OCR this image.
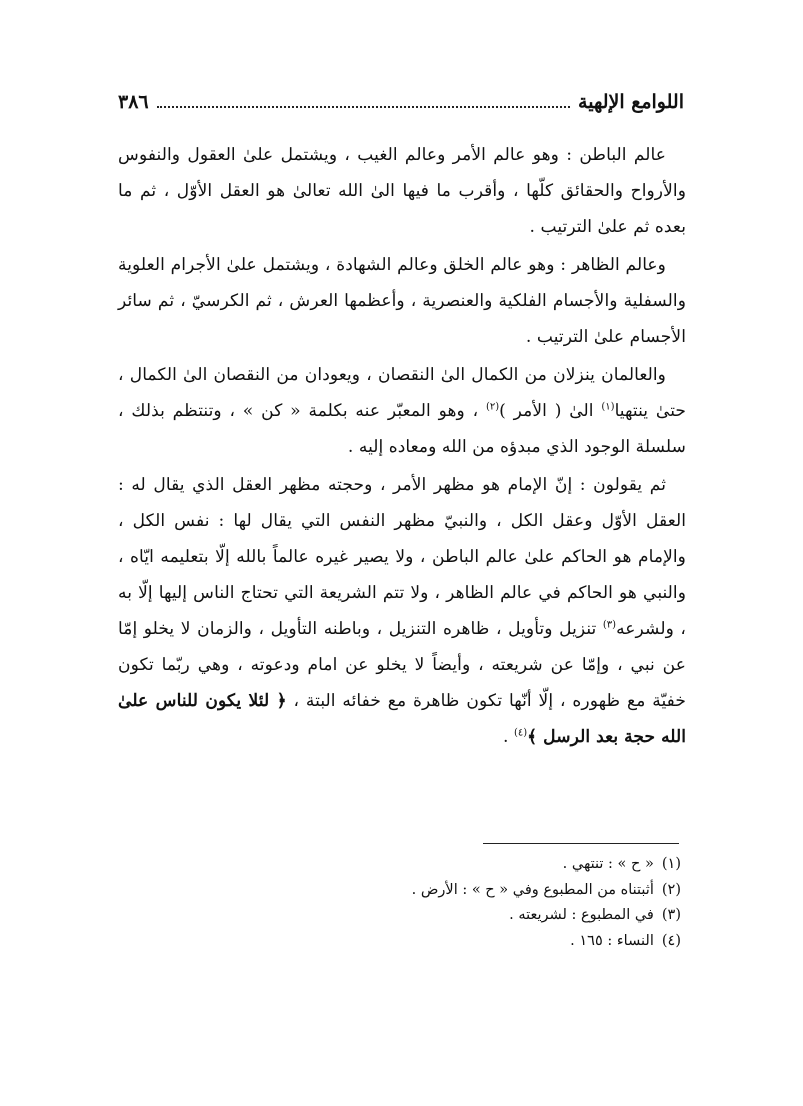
اللوامع الإلهية
٣٨٦

عالم الباطن : وهو عالم الأمر وعالم الغيب ، ويشتمل علىٰ العقول والنفوس والأرواح والحقائق كلّها ، وأقرب ما فيها الىٰ الله تعالىٰ هو العقل الأوّل ، ثم ما بعده ثم علىٰ الترتيب .

وعالم الظاهر : وهو عالم الخلق وعالم الشهادة ، ويشتمل علىٰ الأجرام العلوية والسفلية والأجسام الفلكية والعنصرية ، وأعظمها العرش ، ثم الكرسيّ ، ثم سائر الأجسام علىٰ الترتيب .

والعالمان ينزلان من الكمال الىٰ النقصان ، ويعودان من النقصان الىٰ الكمال ، حتىٰ ينتهيا$^{(١)}$ الىٰ ( الأمر )$^{(٢)}$ ، وهو المعبّر عنه بكلمة « كن » ، وتنتظم بذلك ، سلسلة الوجود الذي مبدؤه من الله ومعاده إليه .

ثم يقولون : إنّ الإمام هو مظهر الأمر ، وحجته مظهر العقل الذي يقال له : العقل الأوّل وعقل الكل ، والنبيّ مظهر النفس التي يقال لها : نفس الكل ، والإمام هو الحاكم علىٰ عالم الباطن ، ولا يصير غيره عالماً بالله إلّا بتعليمه ايّاه ، والنبي هو الحاكم في عالم الظاهر ، ولا تتم الشريعة التي تحتاج الناس إليها إلّا به ، ولشرعه$^{(٣)}$ تنزيل وتأويل ، ظاهره التنزيل ، وباطنه التأويل ، والزمان لا يخلو إمّا عن نبي ، وإمّا عن شريعته ، وأيضاً لا يخلو عن امام ودعوته ، وهي ربّما تكون خفيّة مع ظهوره ، إلّا أنّها تكون ظاهرة مع خفائه البتة ، ﴿ لئلا يكون للناس علىٰ الله حجة بعد الرسل ﴾$^{(٤)}$ .

(١)« ح » : تنتهي .
(٢)أثبتناه من المطبوع وفي « ح » : الأرض .
(٣)في المطبوع : لشريعته .
(٤)النساء : ١٦٥ .
